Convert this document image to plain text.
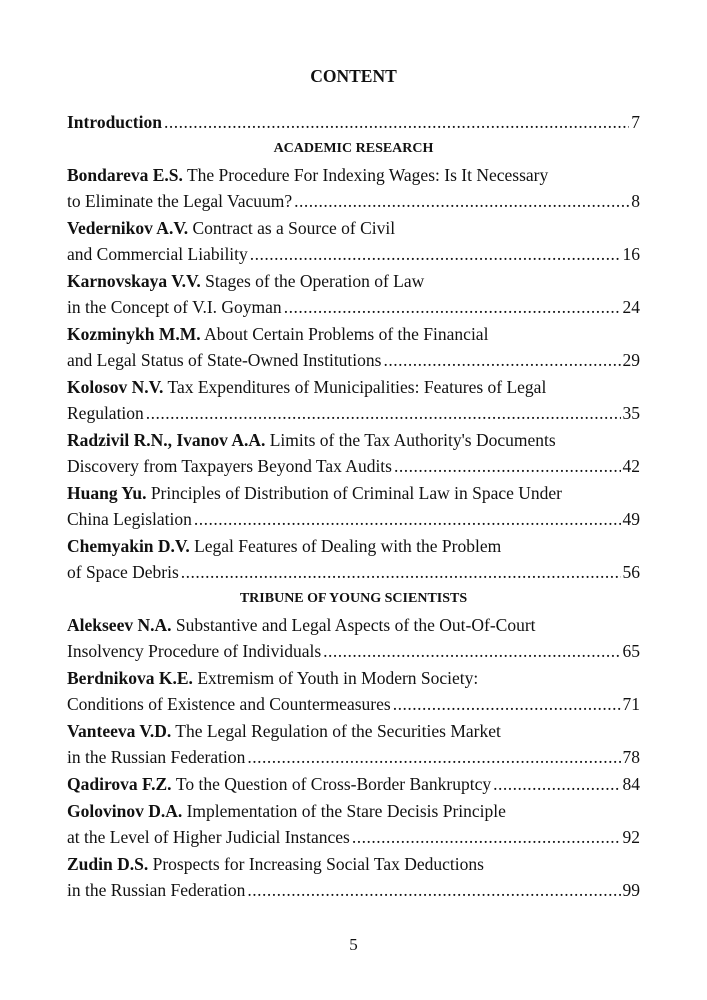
CONTENT
Introduction .....	7
ACADEMIC RESEARCH
Bondareva E.S. The Procedure For Indexing Wages: Is It Necessary
to Eliminate the Legal Vacuum? .....	8
Vedernikov A.V. Contract as a Source of Civil
and Commercial Liability .....	16
Karnovskaya V.V. Stages of the Operation of Law
in the Concept of V.I. Goyman .....	24
Kozminykh M.M. About Certain Problems of the Financial
and Legal Status of State-Owned Institutions .....	29
Kolosov N.V. Tax Expenditures of Municipalities: Features of Legal
Regulation .....	35
Radzivil R.N., Ivanov A.A. Limits of the Tax Authority's Documents
Discovery from Taxpayers Beyond Tax Audits .....	42
Huang Yu. Principles of Distribution of Criminal Law in Space Under
China Legislation .....	49
Chemyakin D.V. Legal Features of Dealing with the Problem
of Space Debris .....	56
TRIBUNE OF YOUNG SCIENTISTS
Alekseev N.A. Substantive and Legal Aspects of the Out-Of-Court
Insolvency Procedure of Individuals .....	65
Berdnikova K.E. Extremism of Youth in Modern Society:
Conditions of Existence and Countermeasures .....	71
Vanteeva V.D. The Legal Regulation of the Securities Market
in the Russian Federation .....	78
Qadirova F.Z.
To the Question of Cross-Border Bankruptcy .....	84
Golovinov D.A. Implementation of the Stare Decisis Principle
at the Level of Higher Judicial Instances .....	92
Zudin D.S. Prospects for Increasing Social Tax Deductions
in the Russian Federation .....	99
5
